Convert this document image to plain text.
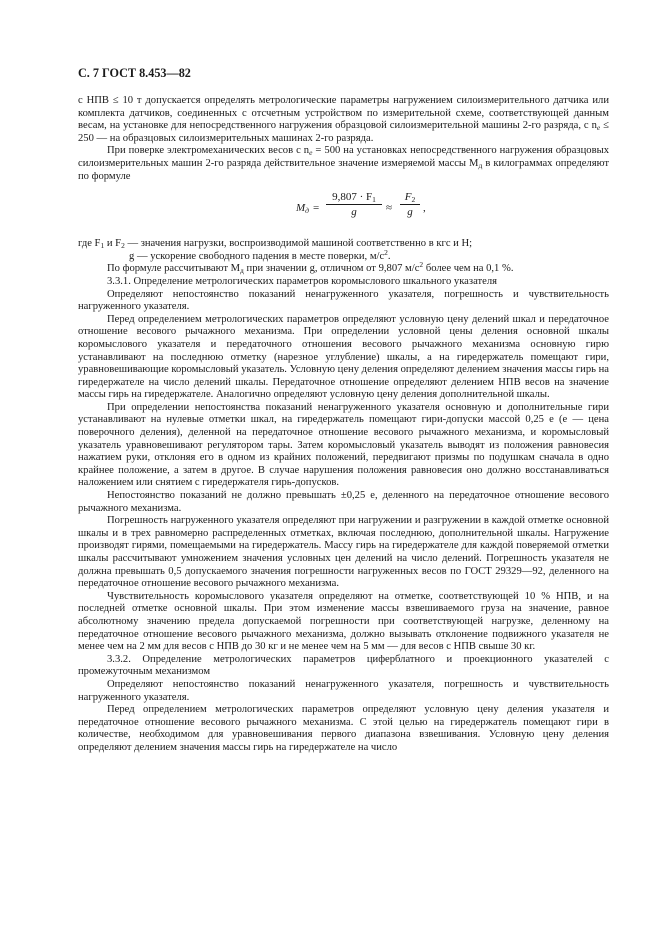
С. 7 ГОСТ 8.453—82

с НПВ ≤ 10 т допускается определять метрологические параметры нагружением силоизмерительного датчика или комплекта датчиков, соединенных с отсчетным устройством по измерительной схеме, соответствующей данным весам, на установке для непосредственного нагружения образцовой силоизмерительной машины 2-го разряда, с $n_e \le 250$ — на образцовых силоизмерительных машинах 2-го разряда.

При поверке электромеханических весов с $n_e = 500$ на установках непосредственного нагружения образцовых силоизмерительных машин 2-го разряда действительное значение измеряемой массы $M_д$ в килограммах определяют по формуле

$M_д = \frac{9,807 \cdot F_1}{g} \approx \frac{F_2}{g}$ ,

где $F_1$ и $F_2$ — значения нагрузки, воспроизводимой машиной соответственно в кгс и Н;

g — ускорение свободного падения в месте поверки, $м/с^2$.

По формуле рассчитывают $M_д$ при значении g, отличном от 9,807 $м/с^2$ более чем на 0,1 %.

3.3.1. Определение метрологических параметров коромыслового шкального указателя

Определяют непостоянство показаний ненагруженного указателя, погрешность и чувствительность нагруженного указателя.

Перед определением метрологических параметров определяют условную цену делений шкал и передаточное отношение весового рычажного механизма. При определении условной цены деления основной шкалы коромыслового указателя и передаточного отношения весового рычажного механизма основную гирю устанавливают на последнюю отметку (нарезное углубление) шкалы, а на гиредержатель помещают гири, уравновешивающие коромысловый указатель. Условную цену деления определяют делением значения массы гирь на гиредержателе на число делений шкалы. Передаточное отношение определяют делением НПВ весов на значение массы гирь на гиредержателе. Аналогично определяют условную цену деления дополнительной шкалы.

При определении непостоянства показаний ненагруженного указателя основную и дополнительные гири устанавливают на нулевые отметки шкал, на гиредержатель помещают гири-допуски массой 0,25 e (e — цена поверочного деления), деленной на передаточное отношение весового рычажного механизма, и коромысловый указатель уравновешивают регулятором тары. Затем коромысловый указатель выводят из положения равновесия нажатием руки, отклоняя его в одном из крайних положений, передвигают призмы по подушкам сначала в одно крайнее положение, а затем в другое. В случае нарушения положения равновесия оно должно восстанавливаться наложением или снятием с гиредержателя гирь-допусков.

Непостоянство показаний не должно превышать ±0,25 e, деленного на передаточное отношение весового рычажного механизма.

Погрешность нагруженного указателя определяют при нагружении и разгружении в каждой отметке основной шкалы и в трех равномерно распределенных отметках, включая последнюю, дополнительной шкалы. Нагружение производят гирями, помещаемыми на гиредержатель. Массу гирь на гиредержателе для каждой поверяемой отметки шкалы рассчитывают умножением значения условных цен делений на число делений. Погрешность указателя не должна превышать 0,5 допускаемого значения погрешности нагруженных весов по ГОСТ 29329—92, деленного на передаточное отношение весового рычажного механизма.

Чувствительность коромыслового указателя определяют на отметке, соответствующей 10 % НПВ, и на последней отметке основной шкалы. При этом изменение массы взвешиваемого груза на значение, равное абсолютному значению предела допускаемой погрешности при соответствующей нагрузке, деленному на передаточное отношение весового рычажного механизма, должно вызывать отклонение подвижного указателя не менее чем на 2 мм для весов с НПВ до 30 кг и не менее чем на 5 мм — для весов с НПВ свыше 30 кг.

3.3.2. Определение метрологических параметров циферблатного и проекционного указателей с промежуточным механизмом

Определяют непостоянство показаний ненагруженного указателя, погрешность и чувствительность нагруженного указателя.

Перед определением метрологических параметров определяют условную цену деления указателя и передаточное отношение весового рычажного механизма. С этой целью на гиредержатель помещают гири в количестве, необходимом для уравновешивания первого диапазона взвешивания. Условную цену деления определяют делением значения массы гирь на гиредержателе на число
